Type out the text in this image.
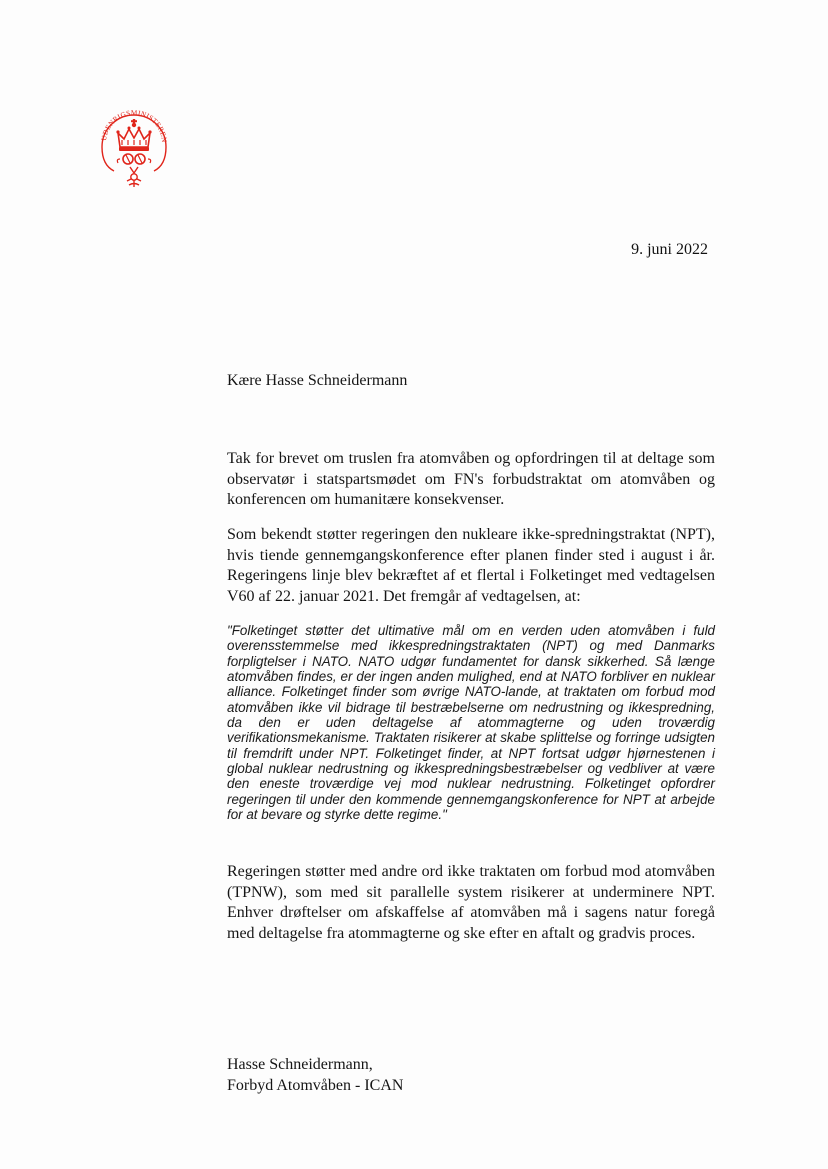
UDENRIGSMINISTEREN
9. juni 2022
Kære Hasse Schneidermann

Tak for brevet om truslen fra atomvåben og opfordringen til at deltage som observatør i statspartsmødet om FN's forbudstraktat om atomvåben og konferencen om humanitære konsekvenser.

Som bekendt støtter regeringen den nukleare ikke-spredningstraktat (NPT), hvis tiende gennemgangskonference efter planen finder sted i august i år. Regeringens linje blev bekræftet af et flertal i Folketinget med vedtagelsen V60 af 22. januar 2021. Det fremgår af vedtagelsen, at:

"Folketinget støtter det ultimative mål om en verden uden atomvåben i fuld overensstemmelse med ikkespredningstraktaten (NPT) og med Danmarks forpligtelser i NATO. NATO udgør fundamentet for dansk sikkerhed. Så længe atomvåben findes, er der ingen anden mulighed, end at NATO forbliver en nuklear alliance. Folketinget finder som øvrige NATO-lande, at traktaten om forbud mod atomvåben ikke vil bidrage til bestræbelserne om nedrustning og ikkespredning, da den er uden deltagelse af atommagterne og uden troværdig verifikationsmekanisme. Traktaten risikerer at skabe splittelse og forringe udsigten til fremdrift under NPT. Folketinget finder, at NPT fortsat udgør hjørnestenen i global nuklear nedrustning og ikkespredningsbestræbelser og vedbliver at være den eneste troværdige vej mod nuklear nedrustning. Folketinget opfordrer regeringen til under den kommende gennemgangskonference for NPT at arbejde for at bevare og styrke dette regime."

Regeringen støtter med andre ord ikke traktaten om forbud mod atomvåben (TPNW), som med sit parallelle system risikerer at underminere NPT. Enhver drøftelser om afskaffelse af atomvåben må i sagens natur foregå med deltagelse fra atommagterne og ske efter en aftalt og gradvis proces.

Hasse Schneidermann,
Forbyd Atomvåben - ICAN
